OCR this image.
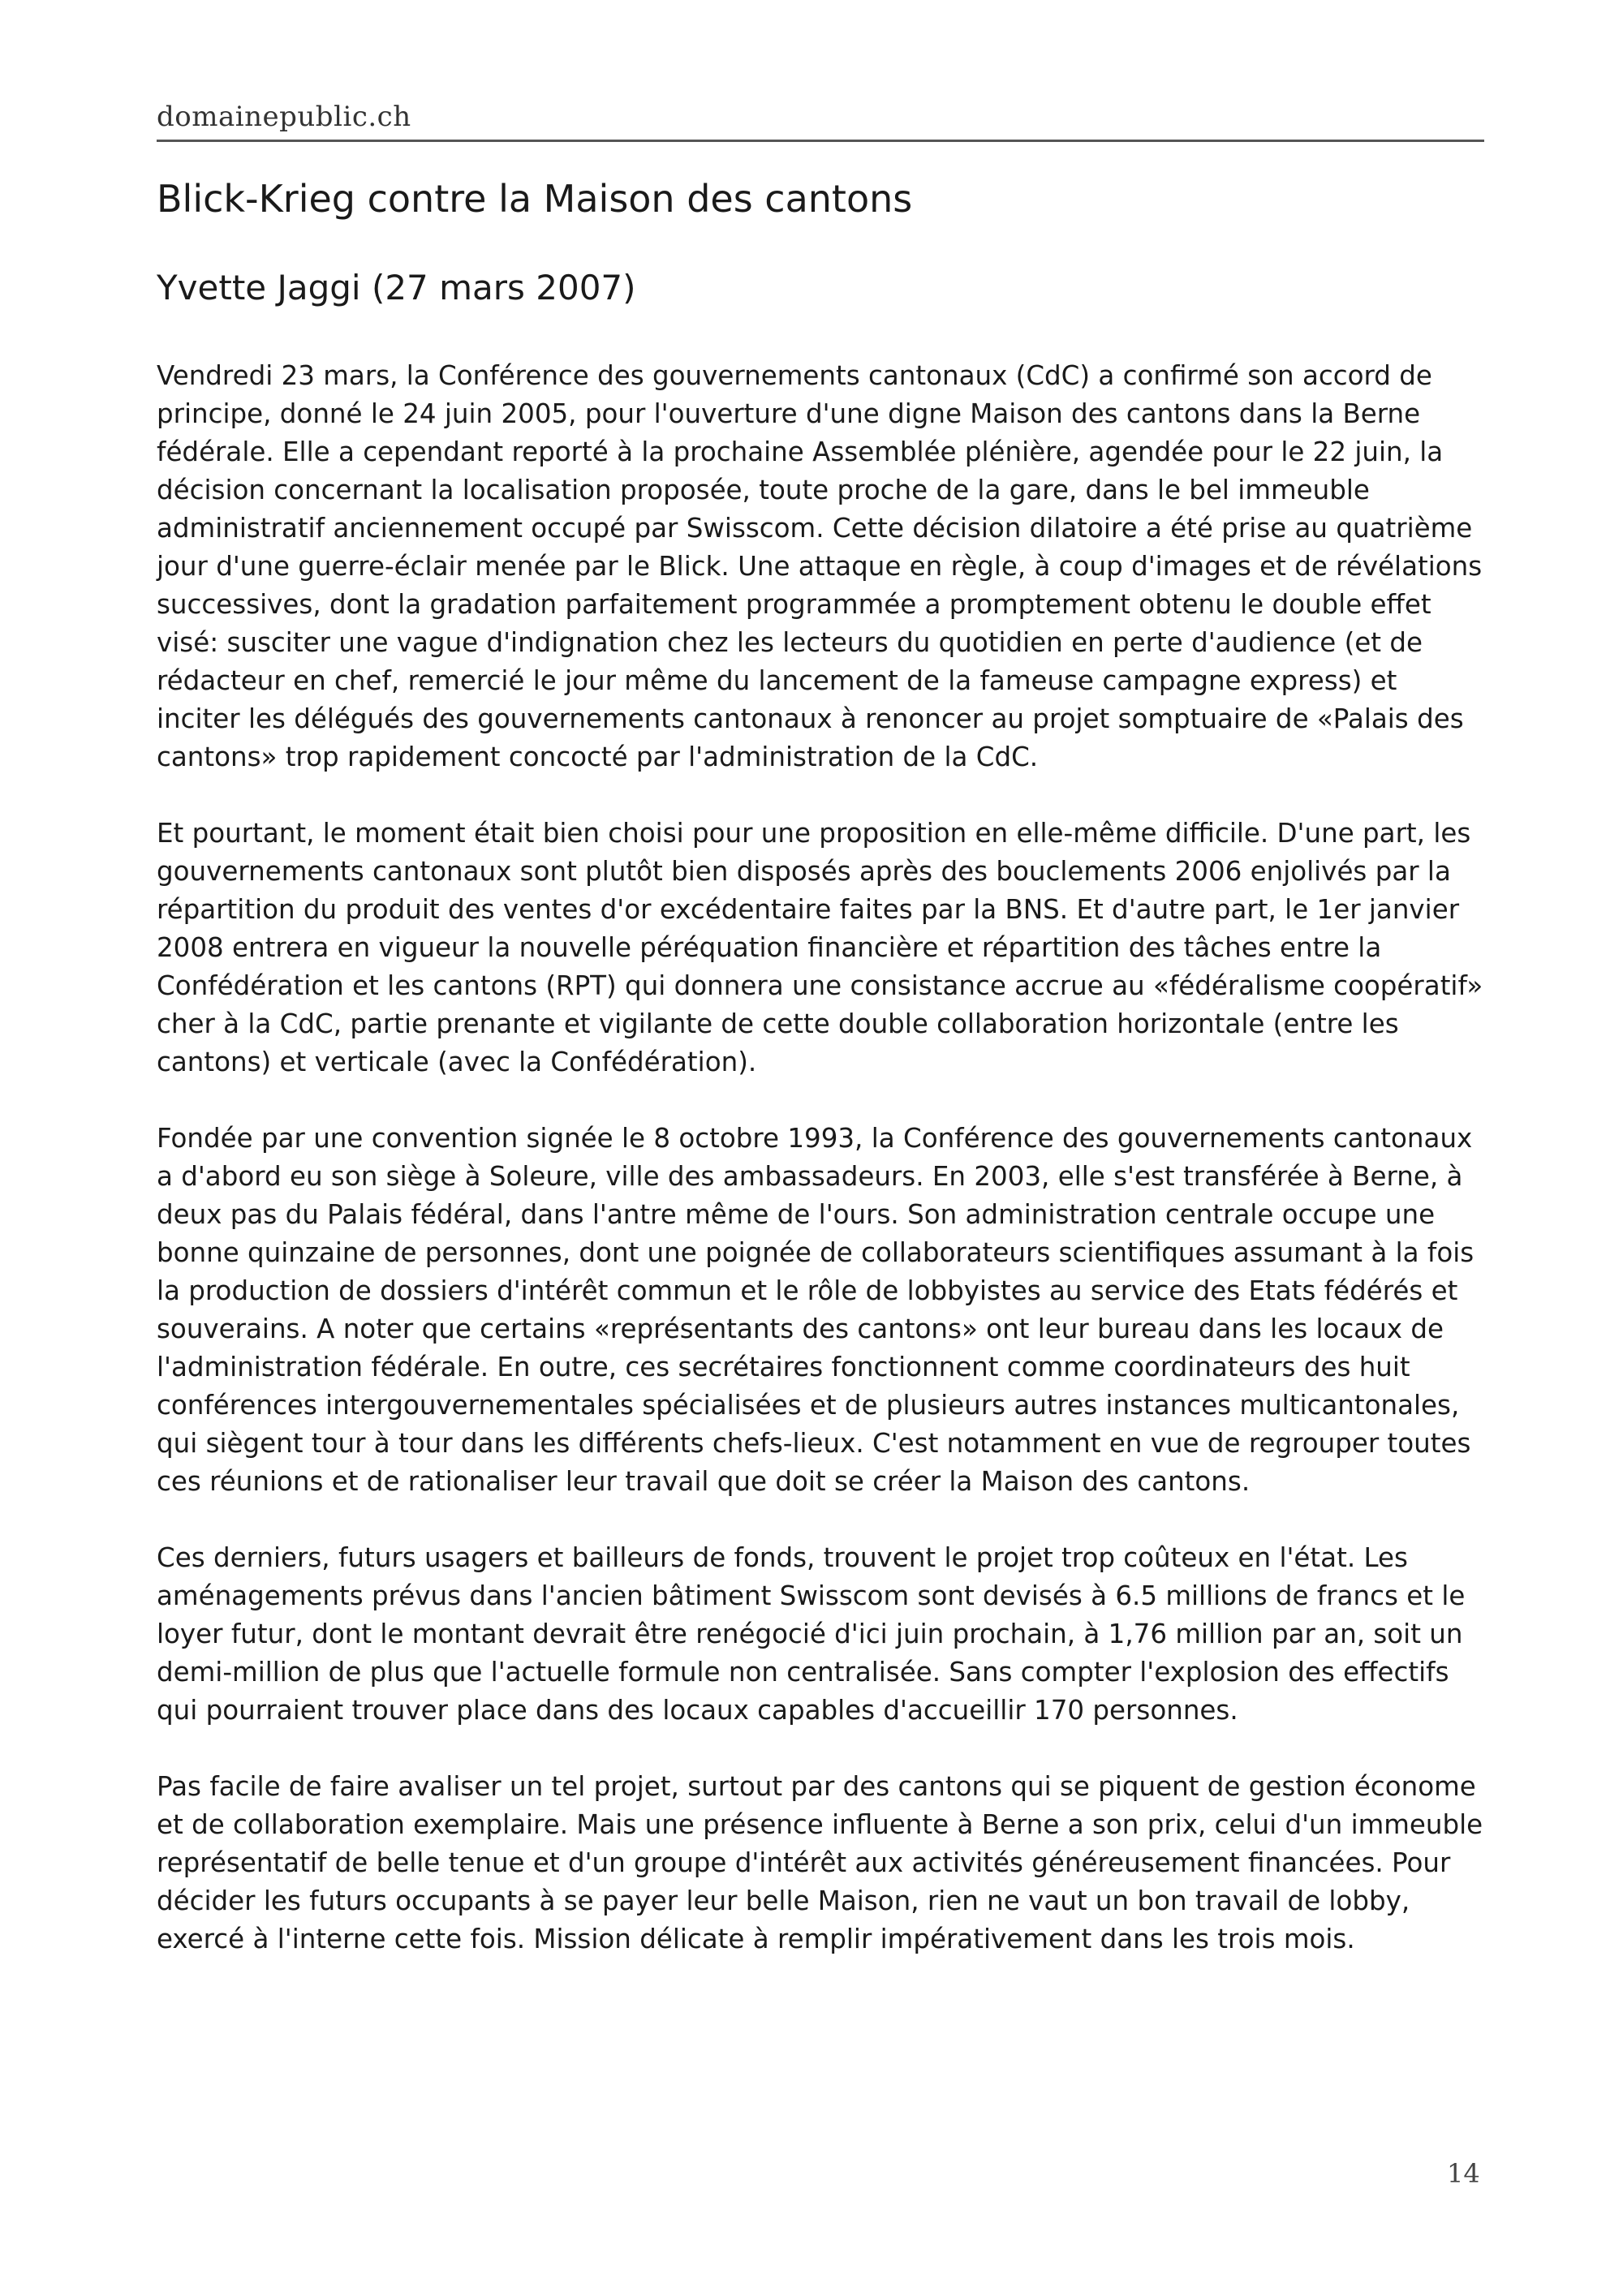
domainepublic.ch
Blick-Krieg contre la Maison des cantons
Yvette Jaggi (27 mars 2007)

Vendredi 23 mars, la Conférence des gouvernements cantonaux (CdC) a confirmé son accord de principe, donné le 24 juin 2005, pour l'ouverture d'une digne Maison des cantons dans la Berne fédérale. Elle a cependant reporté à la prochaine Assemblée plénière, agendée pour le 22 juin, la décision concernant la localisation proposée, toute proche de la gare, dans le bel immeuble administratif anciennement occupé par Swisscom. Cette décision dilatoire a été prise au quatrième jour d'une guerre-éclair menée par le Blick. Une attaque en règle, à coup d'images et de révélations successives, dont la gradation parfaitement programmée a promptement obtenu le double effet visé: susciter une vague d'indignation chez les lecteurs du quotidien en perte d'audience (et de rédacteur en chef, remercié le jour même du lancement de la fameuse campagne express) et inciter les délégués des gouvernements cantonaux à renoncer au projet somptuaire de «Palais des cantons» trop rapidement concocté par l'administration de la CdC.

Et pourtant, le moment était bien choisi pour une proposition en elle-même difficile. D'une part, les gouvernements cantonaux sont plutôt bien disposés après des bouclements 2006 enjolivés par la répartition du produit des ventes d'or excédentaire faites par la BNS. Et d'autre part, le 1er janvier 2008 entrera en vigueur la nouvelle péréquation financière et répartition des tâches entre la Confédération et les cantons (RPT) qui donnera une consistance accrue au «fédéralisme coopératif» cher à la CdC, partie prenante et vigilante de cette double collaboration horizontale (entre les cantons) et verticale (avec la Confédération).

Fondée par une convention signée le 8 octobre 1993, la Conférence des gouvernements cantonaux a d'abord eu son siège à Soleure, ville des ambassadeurs. En 2003, elle s'est transférée à Berne, à deux pas du Palais fédéral, dans l'antre même de l'ours. Son administration centrale occupe une bonne quinzaine de personnes, dont une poignée de collaborateurs scientifiques assumant à la fois la production de dossiers d'intérêt commun et le rôle de lobbyistes au service des Etats fédérés et souverains. A noter que certains «représentants des cantons» ont leur bureau dans les locaux de l'administration fédérale. En outre, ces secrétaires fonctionnent comme coordinateurs des huit conférences intergouvernementales spécialisées et de plusieurs autres instances multicantonales, qui siègent tour à tour dans les différents chefs-lieux. C'est notamment en vue de regrouper toutes ces réunions et de rationaliser leur travail que doit se créer la Maison des cantons.

Ces derniers, futurs usagers et bailleurs de fonds, trouvent le projet trop coûteux en l'état. Les aménagements prévus dans l'ancien bâtiment Swisscom sont devisés à 6.5 millions de francs et le loyer futur, dont le montant devrait être renégocié d'ici juin prochain, à 1,76 million par an, soit un demi-million de plus que l'actuelle formule non centralisée. Sans compter l'explosion des effectifs qui pourraient trouver place dans des locaux capables d'accueillir 170 personnes.

Pas facile de faire avaliser un tel projet, surtout par des cantons qui se piquent de gestion économe et de collaboration exemplaire. Mais une présence influente à Berne a son prix, celui d'un immeuble représentatif de belle tenue et d'un groupe d'intérêt aux activités généreusement financées. Pour décider les futurs occupants à se payer leur belle Maison, rien ne vaut un bon travail de lobby, exercé à l'interne cette fois. Mission délicate à remplir impérativement dans les trois mois.

14
